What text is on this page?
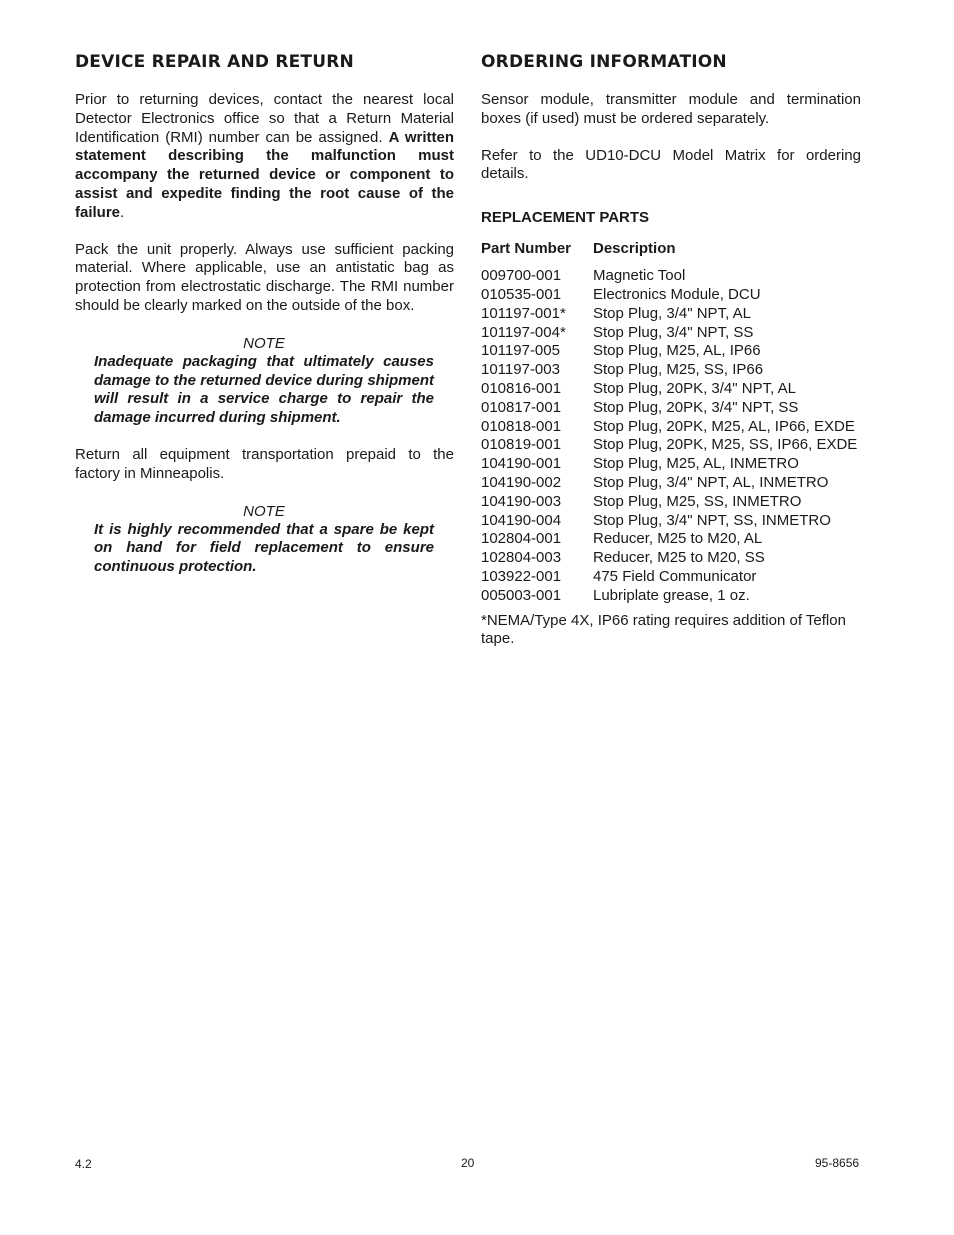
DEVICE REPAIR AND RETURN

Prior to returning devices, contact the nearest local Detector Electronics office so that a Return Material Identification (RMI) number can be assigned. A written statement describing the malfunction must accompany the returned device or component to assist and expedite finding the root cause of the failure.

Pack the unit properly. Always use sufficient packing material. Where applicable, use an antistatic bag as protection from electrostatic discharge. The RMI number should be clearly marked on the outside of the box.

NOTE
Inadequate packaging that ultimately causes damage to the returned device during shipment will result in a service charge to repair the damage incurred during shipment.

Return all equipment transportation prepaid to the factory in Minneapolis.

NOTE
It is highly recommended that a spare be kept on hand for field replacement to ensure continuous protection.
ORDERING INFORMATION

Sensor module, transmitter module and termination boxes (if used) must be ordered separately.

Refer to the UD10-DCU Model Matrix for ordering details.

REPLACEMENT PARTS
Part Number	Description
009700-001	Magnetic Tool
010535-001	Electronics Module, DCU
101197-001*	Stop Plug, 3/4" NPT, AL
101197-004*	Stop Plug, 3/4" NPT, SS
101197-005	Stop Plug, M25, AL, IP66
101197-003	Stop Plug, M25, SS, IP66
010816-001	Stop Plug, 20PK, 3/4" NPT, AL
010817-001	Stop Plug, 20PK, 3/4" NPT, SS
010818-001	Stop Plug, 20PK, M25, AL, IP66, EXDE
010819-001	Stop Plug, 20PK, M25, SS, IP66, EXDE
104190-001	Stop Plug, M25, AL, INMETRO
104190-002	Stop Plug, 3/4" NPT, AL, INMETRO
104190-003	Stop Plug, M25, SS, INMETRO
104190-004	Stop Plug, 3/4" NPT, SS, INMETRO
102804-001	Reducer, M25 to M20, AL
102804-003	Reducer, M25 to M20, SS
103922-001	475 Field Communicator
005003-001	Lubriplate grease, 1 oz.
*NEMA/Type 4X, IP66 rating requires addition of Teflon tape.
4.2	20	95-8656
